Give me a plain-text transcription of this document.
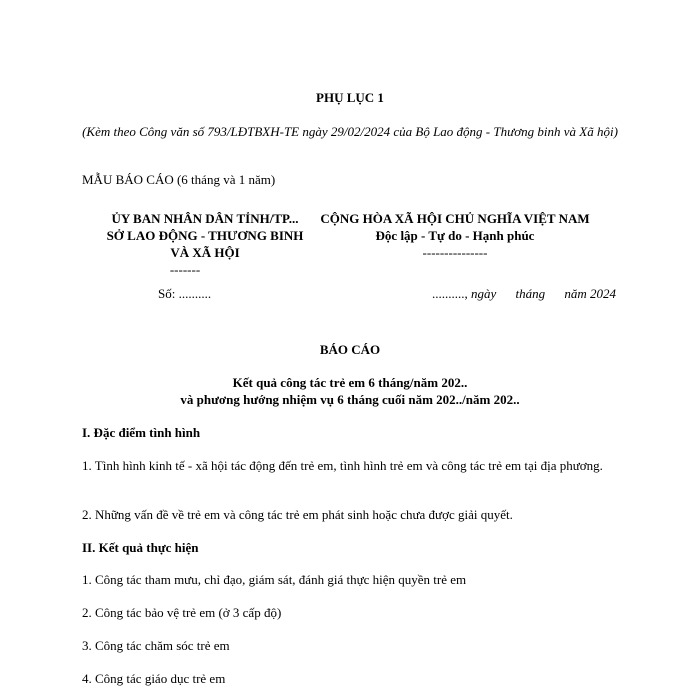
PHỤ LỤC 1
(Kèm theo Công văn số 793/LĐTBXH-TE ngày 29/02/2024 của Bộ Lao động - Thương binh và Xã hội)
MẪU BÁO CÁO (6 tháng và 1 năm)
ỦY BAN NHÂN DÂN TỈNH/TP...
SỞ LAO ĐỘNG - THƯƠNG BINH VÀ XÃ HỘI
-------
CỘNG HÒA XÃ HỘI CHỦ NGHĨA VIỆT NAM
Độc lập - Tự do - Hạnh phúc
---------------
Số: ..........	.........., ngày tháng năm 2024
BÁO CÁO
Kết quả công tác trẻ em 6 tháng/năm 202..
và phương hướng nhiệm vụ 6 tháng cuối năm 202../năm 202..
I. Đặc điểm tình hình
1. Tình hình kinh tế - xã hội tác động đến trẻ em, tình hình trẻ em và công tác trẻ em tại địa phương.
2. Những vấn đề về trẻ em và công tác trẻ em phát sinh hoặc chưa được giải quyết.
II. Kết quả thực hiện
1. Công tác tham mưu, chỉ đạo, giám sát, đánh giá thực hiện quyền trẻ em
2. Công tác bảo vệ trẻ em (ở 3 cấp độ)
3. Công tác chăm sóc trẻ em
4. Công tác giáo dục trẻ em
